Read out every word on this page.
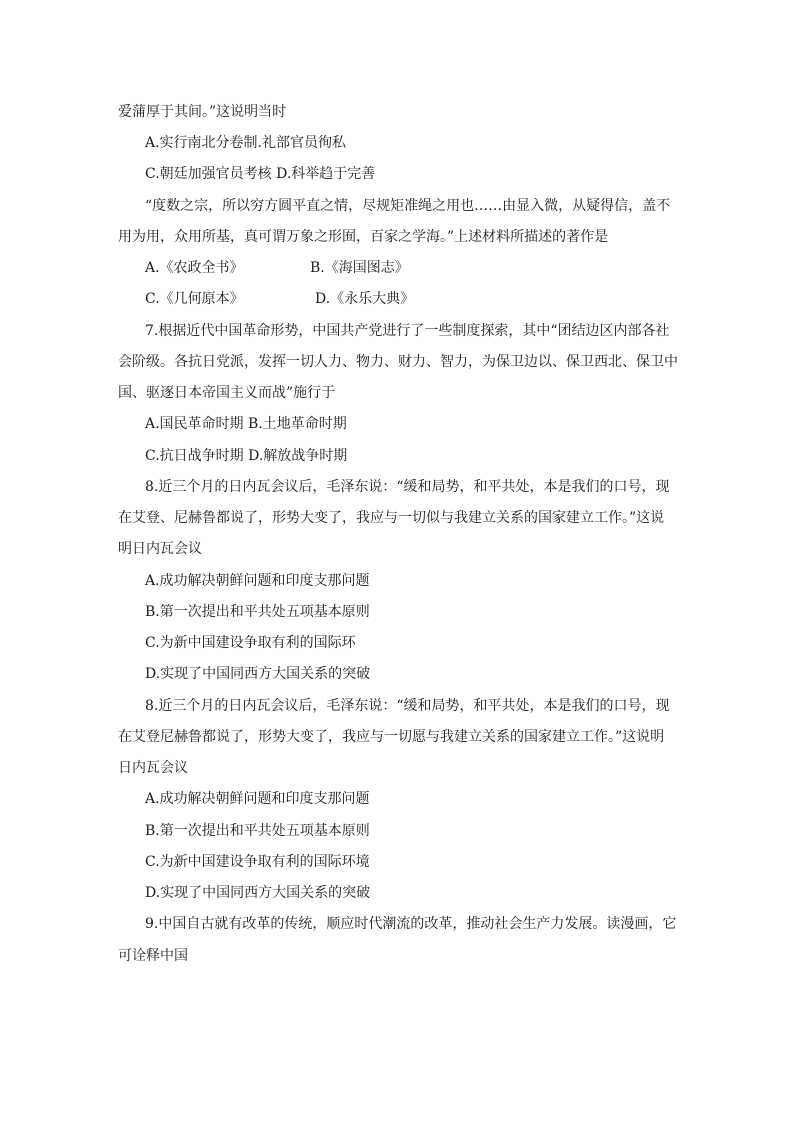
爱蒲厚于其间。”这说明当时
A.实行南北分卷制.礼部官员徇私
C.朝廷加强官员考核 D.科举趋于完善
“度数之宗，所以穷方圆平直之情，尽规矩准绳之用也……由显入微，从疑得信，盖不
用为用，众用所基，真可谓万象之形囿，百家之学海。”上述材料所描述的著作是
A.《农政全书》	B.《海国图志》
C.《几何原本》	D.《永乐大典》
7.根据近代中国革命形势，中国共产党进行了一些制度探索，其中“团结边区内部各社
会阶级。各抗日党派，发挥一切人力、物力、财力、智力，为保卫边以、保卫西北、保卫中
国、驱逐日本帝国主义而战”施行于
A.国民革命时期 B.土地革命时期
C.抗日战争时期 D.解放战争时期
8.近三个月的日内瓦会议后，毛泽东说：“缓和局势，和平共处，本是我们的口号，现
在艾登、尼赫鲁都说了，形势大变了，我应与一切似与我建立关系的国家建立工作。”这说
明日内瓦会议
A.成功解决朝鲜问题和印度支那问题
B.第一次提出和平共处五项基本原则
C.为新中国建设争取有利的国际环
D.实现了中国同西方大国关系的突破
8.近三个月的日内瓦会议后，毛泽东说：“缓和局势，和平共处，本是我们的口号，现
在艾登尼赫鲁都说了，形势大变了，我应与一切愿与我建立关系的国家建立工作。”这说明
日内瓦会议
A.成功解决朝鲜问题和印度支那问题
B.第一次提出和平共处五项基本原则
C.为新中国建设争取有利的国际环境
D.实现了中国同西方大国关系的突破
9.中国自古就有改革的传统，顺应时代潮流的改革，推动社会生产力发展。读漫画，它
可诠释中国
